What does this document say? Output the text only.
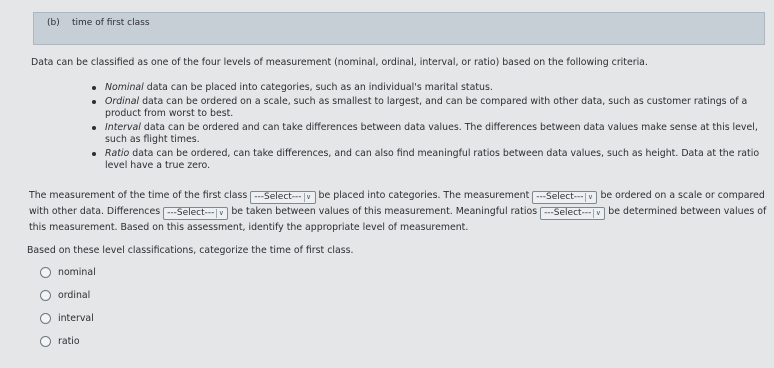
(b) time of first class
Data can be classified as one of the four levels of measurement (nominal, ordinal, interval, or ratio) based on the following criteria.
Nominal data can be placed into categories, such as an individual's marital status.
Ordinal data can be ordered on a scale, such as smallest to largest, and can be compared with other data, such as customer ratings of a product from worst to best.
Interval data can be ordered and can take differences between data values. The differences between data values make sense at this level, such as flight times.
Ratio data can be ordered, can take differences, and can also find meaningful ratios between data values, such as height. Data at the ratio level have a true zero.
The measurement of the time of the first class ---Select--- ∨ be placed into categories. The measurement ---Select--- ∨ be ordered on a scale or compared with other data. Differences ---Select--- ∨ be taken between values of this measurement. Meaningful ratios ---Select--- ∨ be determined between values of this measurement. Based on this assessment, identify the appropriate level of measurement.
Based on these level classifications, categorize the time of first class.
nominal
ordinal
interval
ratio
